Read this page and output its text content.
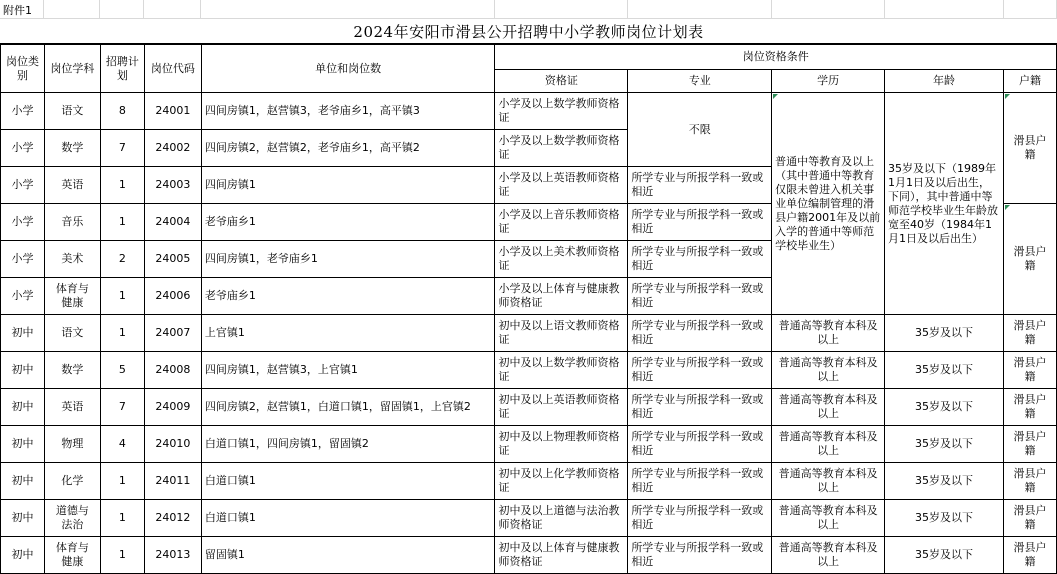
附件1
2024年安阳市滑县公开招聘中小学教师岗位计划表
岗位类别	岗位学科	招聘计划	岗位代码	单位和岗位数	岗位资格条件				
					资格证	专业	学历	年龄	户籍
小学	语文	8	24001	四间房镇1，赵营镇3，老爷庙乡1，高平镇3	小学及以上数学教师资格证	不限	普通中等教育及以上（其中普通中等教育仅限未曾进入机关事业单位编制管理的滑县户籍2001年及以前入学的普通中等师范学校毕业生）	35岁及以下（1989年1月1日及以后出生，下同），其中普通中等师范学校毕业生年龄放宽至40岁（1984年1月1日及以后出生）	滑县户籍
小学	数学	7	24002	四间房镇2，赵营镇2，老爷庙乡1，高平镇2	小学及以上数学教师资格证				
小学	英语	1	24003	四间房镇1	小学及以上英语教师资格证	所学专业与所报学科一致或相近			
小学	音乐	1	24004	老爷庙乡1	小学及以上音乐教师资格证	所学专业与所报学科一致或相近			滑县户籍
小学	美术	2	24005	四间房镇1，老爷庙乡1	小学及以上美术教师资格证	所学专业与所报学科一致或相近			
小学	体育与健康	1	24006	老爷庙乡1	小学及以上体育与健康教师资格证	所学专业与所报学科一致或相近			
初中	语文	1	24007	上官镇1	初中及以上语文教师资格证	所学专业与所报学科一致或相近	普通高等教育本科及以上	35岁及以下	滑县户籍
初中	数学	5	24008	四间房镇1，赵营镇3，上官镇1	初中及以上数学教师资格证	所学专业与所报学科一致或相近	普通高等教育本科及以上	35岁及以下	滑县户籍
初中	英语	7	24009	四间房镇2，赵营镇1，白道口镇1，留固镇1，上官镇2	初中及以上英语教师资格证	所学专业与所报学科一致或相近	普通高等教育本科及以上	35岁及以下	滑县户籍
初中	物理	4	24010	白道口镇1，四间房镇1，留固镇2	初中及以上物理教师资格证	所学专业与所报学科一致或相近	普通高等教育本科及以上	35岁及以下	滑县户籍
初中	化学	1	24011	白道口镇1	初中及以上化学教师资格证	所学专业与所报学科一致或相近	普通高等教育本科及以上	35岁及以下	滑县户籍
初中	道德与法治	1	24012	白道口镇1	初中及以上道德与法治教师资格证	所学专业与所报学科一致或相近	普通高等教育本科及以上	35岁及以下	滑县户籍
初中	体育与健康	1	24013	留固镇1	初中及以上体育与健康教师资格证	所学专业与所报学科一致或相近	普通高等教育本科及以上	35岁及以下	滑县户籍
